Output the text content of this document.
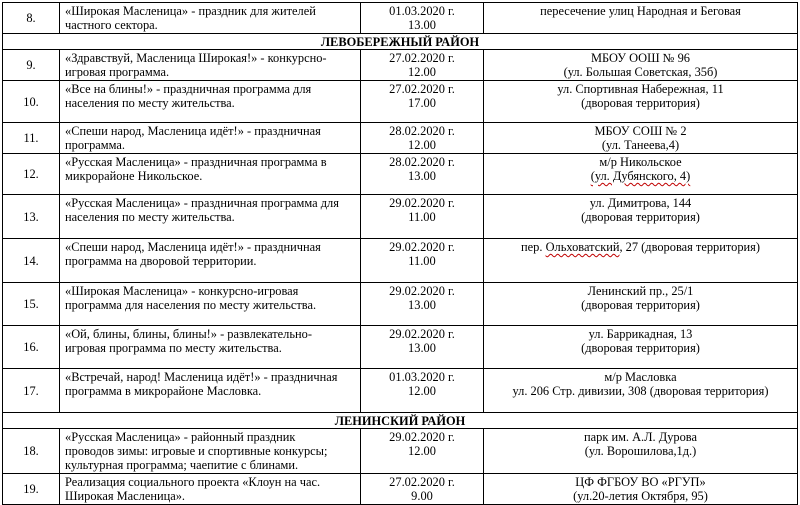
8.	«Широкая Масленица» - праздник для жителей
частного сектора.	01.03.2020 г.
13.00	пересечение улиц Народная и Беговая

ЛЕВОБЕРЕЖНЫЙ РАЙОН			
9.	«Здравствуй, Масленица Широкая!» - конкурсно-
игровая программа.	27.02.2020 г.
12.00	МБОУ ООШ № 96
(ул. Большая Советская, 35б)

10.	«Все на блины!» - праздничная программа для
населения по месту жительства.	27.02.2020 г.
17.00	ул. Спортивная Набережная, 11
(дворовая территория)

11.	«Спеши народ, Масленица идёт!» - праздничная
программа.	28.02.2020 г.
12.00	МБОУ СОШ № 2
(ул. Танеева,4)

12.	«Русская Масленица» - праздничная программа в
микрорайоне Никольское.	28.02.2020 г.
13.00	м/р Никольское
(ул. Дубянского, 4)

13.	«Русская Масленица» - праздничная программа для
населения по месту жительства.	29.02.2020 г.
11.00	ул. Димитрова, 144
(дворовая территория)

14.	«Спеши народ, Масленица идёт!» - праздничная
программа на дворовой территории.	29.02.2020 г.
11.00	пер. Ольховатский, 27 (дворовая территория)

15.	«Широкая Масленица» - конкурсно-игровая
программа для населения по месту жительства.	29.02.2020 г.
13.00	Ленинский пр., 25/1
(дворовая территория)

16.	«Ой, блины, блины, блины!» - развлекательно-
игровая программа по месту жительства.	29.02.2020 г.
13.00	ул. Баррикадная, 13
(дворовая территория)

17.	«Встречай, народ! Масленица идёт!» - праздничная
программа в микрорайоне Масловка.	01.03.2020 г.
12.00	м/р Масловка
ул. 206 Стр. дивизии, 308 (дворовая территория)

ЛЕНИНСКИЙ РАЙОН			
18.	«Русская Масленица» - районный праздник
проводов зимы: игровые и спортивные конкурсы;
культурная программа; чаепитие с блинами.	29.02.2020 г.
12.00	парк им. А.Л. Дурова
(ул. Ворошилова,1д.)

19.	Реализация социального проекта «Клоун на час.
Широкая Масленица».	27.02.2020 г.
9.00	ЦФ ФГБОУ ВО «РГУП»
(ул.20-летия Октября, 95)
